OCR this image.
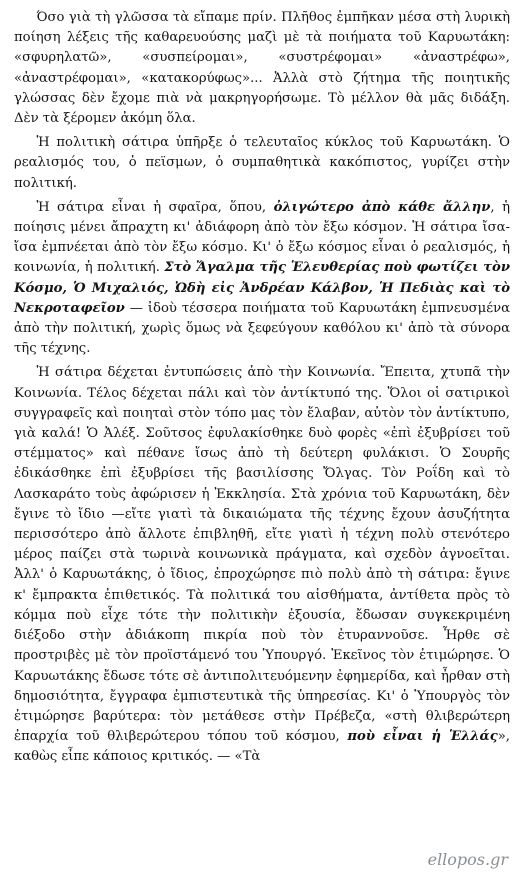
Όσο γιὰ τὴ γλῶσσα τὰ εἴπαμε πρίν. Πλῆθος ἐμπῆκαν μέσα στὴ λυρικὴ ποίηση λέξεις τῆς καθαρευούσης μαζὶ μὲ τὰ ποιήματα τοῦ Καρυωτάκη: «σφυρηλατῶ», «συσπείρομαι», «συστρέφομαι» «ἀναστρέφω», «ἀναστρέφομαι», «κατακορύφως»... Ἀλλὰ στὸ ζήτημα τῆς ποιητικῆς γλώσσας δὲν ἔχομε πιὰ νὰ μακρηγορήσωμε. Τὸ μέλλον θὰ μᾶς διδάξη. Δὲν τὰ ξέρομεν ἀκόμη ὅλα.

Ἡ πολιτικὴ σάτιρα ὑπῆρξε ὁ τελευταῖος κύκλος τοῦ Καρυωτάκη. Ὁ ρεαλισμός του, ὁ πεϊσμων, ὁ συμπαθητικὰ κακόπιστος, γυρίζει στὴν πολιτική.

Ἡ σάτιρα εἶναι ἡ σφαῖρα, ὅπου, ὀλιγώτερο ἀπὸ κάθε ἄλλην, ἡ ποίησις μένει ἄπραχτη κι' ἀδιάφορη ἀπὸ τὸν ἔξω κόσμον. Ἡ σάτιρα ἴσα-ἴσα ἐμπνέεται ἀπὸ τὸν ἔξω κόσμο. Κι' ὁ ἔξω κόσμος εἶναι ὁ ρεαλισμός, ἡ κοινωνία, ἡ πολιτική. Στὸ Ἄγαλμα τῆς Ἐλευθερίας ποὺ φωτίζει τὸν Κόσμο, Ὁ Μιχαλιός, Ὠδὴ εἰς Ἀνδρέαν Κάλβον, Ἡ Πεδιὰς καὶ τὸ Νεκροταφεῖον — ἰδοὺ τέσσερα ποιήματα τοῦ Καρυωτάκη ἐμπνευσμένα ἀπὸ τὴν πολιτική, χωρὶς ὅμως νὰ ξεφεύγουν καθόλου κι' ἀπὸ τὰ σύνορα τῆς τέχνης.

Ἡ σάτιρα δέχεται ἐντυπώσεις ἀπὸ τὴν Κοινωνία. Ἔπειτα, χτυπᾶ τὴν Κοινωνία. Τέλος δέχεται πάλι καὶ τὸν ἀντίκτυπό της. Ὅλοι οἱ σατιρικοὶ συγγραφεῖς καὶ ποιηταὶ στὸν τόπο μας τὸν ἔλαβαν, αὐτὸν τὸν ἀντίκτυπο, γιὰ καλά! Ὁ Ἀλέξ. Σοῦτσος ἐφυλακίσθηκε δυὸ φορὲς «ἐπὶ ἐξυβρίσει τοῦ στέμματος» καὶ πέθανε ἴσως ἀπὸ τὴ δεύτερη φυλάκισι. Ὁ Σουρῆς ἐδικάσθηκε ἐπὶ ἐξυβρίσει τῆς βασιλίσσης Ὄλγας. Τὸν Ροΐδη καὶ τὸ Λασκαράτο τοὺς ἀφώρισεν ἡ Ἐκκλησία. Στὰ χρόνια τοῦ Καρυωτάκη, δὲν ἔγινε τὸ ἴδιο —εἴτε γιατὶ τὰ δικαιώματα τῆς τέχνης ἔχουν ἀσυζήτητα περισσότερο ἀπὸ ἄλλοτε ἐπιβληθῆ, εἴτε γιατὶ ἡ τέχνη πολὺ στενότερο μέρος παίζει στὰ τωρινὰ κοινωνικὰ πράγματα, καὶ σχεδὸν ἀγνοεῖται. Ἀλλ' ὁ Καρυωτάκης, ὁ ἴδιος, ἐπροχώρησε πιὸ πολὺ ἀπὸ τὴ σάτιρα: ἔγινε κ' ἔμπρακτα ἐπιθετικός. Τὰ πολιτικά του αἰσθήματα, ἀντίθετα πρὸς τὸ κόμμα ποὺ εἶχε τότε τὴν πολιτικὴν ἐξουσία, ἔδωσαν συγκεκριμένη διέξοδο στὴν ἀδιάκοπη πικρία ποὺ τὸν ἐτυραννοῦσε. Ἦρθε σὲ προστριβὲς μὲ τὸν προϊστάμενό του Ὑπουργό. Ἐκεῖνος τὸν ἐτιμώρησε. Ὁ Καρυωτάκης ἔδωσε τότε σὲ ἀντιπολιτευόμενην ἐφημερίδα, καὶ ἦρθαν στὴ δημοσιότητα, ἔγγραφα ἐμπιστευτικὰ τῆς ὑπηρεσίας. Κι' ὁ Ὑπουργὸς τὸν ἐτιμώρησε βαρύτερα: τὸν μετάθεσε στὴν Πρέβεζα, «στὴ θλιβερώτερη ἐπαρχία τοῦ θλιβερώτερου τόπου τοῦ κόσμου, ποὺ εἶναι ἡ Ἑλλάς», καθὼς εἶπε κάποιος κριτικός. — «Τὰ

ellopos.gr
